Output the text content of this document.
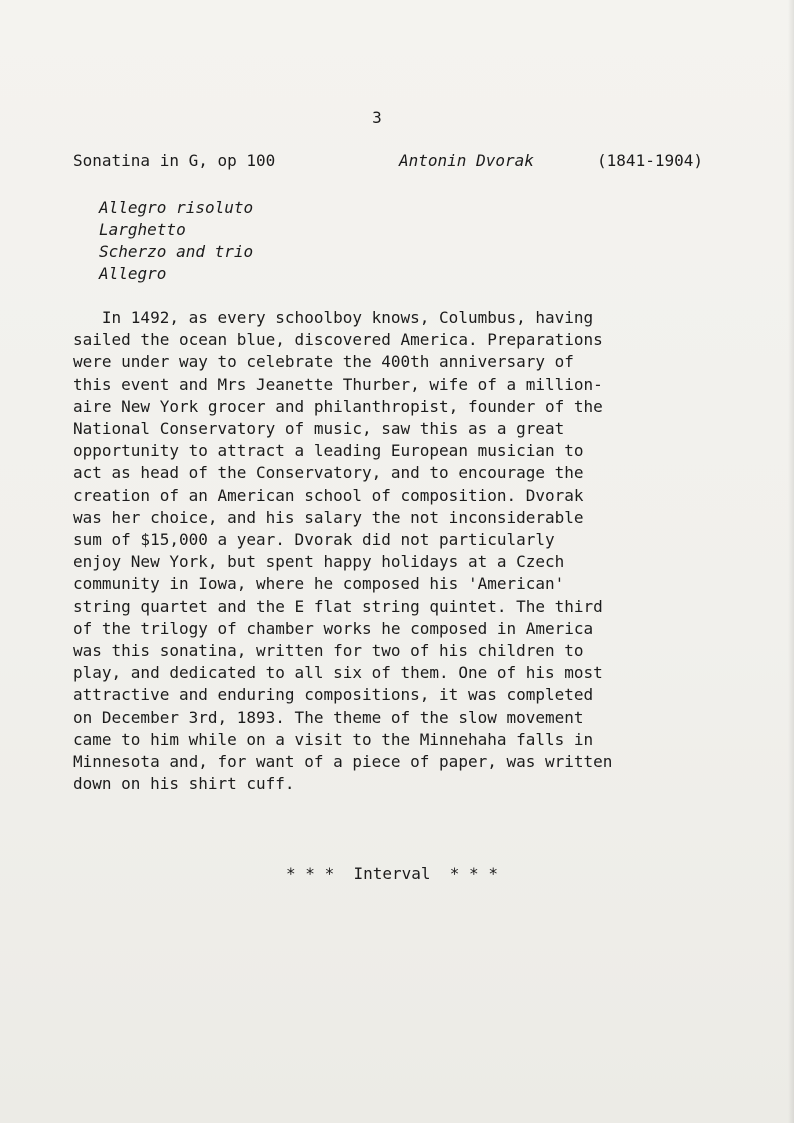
3
Sonatina in G, op 100	Antonin Dvorak	(1841-1904)
Allegro risoluto
Larghetto
Scherzo and trio
Allegro
In 1492, as every schoolboy knows, Columbus, having
sailed the ocean blue, discovered America. Preparations
were under way to celebrate the 400th anniversary of
this event and Mrs Jeanette Thurber, wife of a million-
aire New York grocer and philanthropist, founder of the
National Conservatory of music, saw this as a great
opportunity to attract a leading European musician to
act as head of the Conservatory, and to encourage the
creation of an American school of composition. Dvorak
was her choice, and his salary the not inconsiderable
sum of $15,000 a year. Dvorak did not particularly
enjoy New York, but spent happy holidays at a Czech
community in Iowa, where he composed his 'American'
string quartet and the E flat string quintet. The third
of the trilogy of chamber works he composed in America
was this sonatina, written for two of his children to
play, and dedicated to all six of them. One of his most
attractive and enduring compositions, it was completed
on December 3rd, 1893. The theme of the slow movement
came to him while on a visit to the Minnehaha falls in
Minnesota and, for want of a piece of paper, was written
down on his shirt cuff.
* * *  Interval  * * *
